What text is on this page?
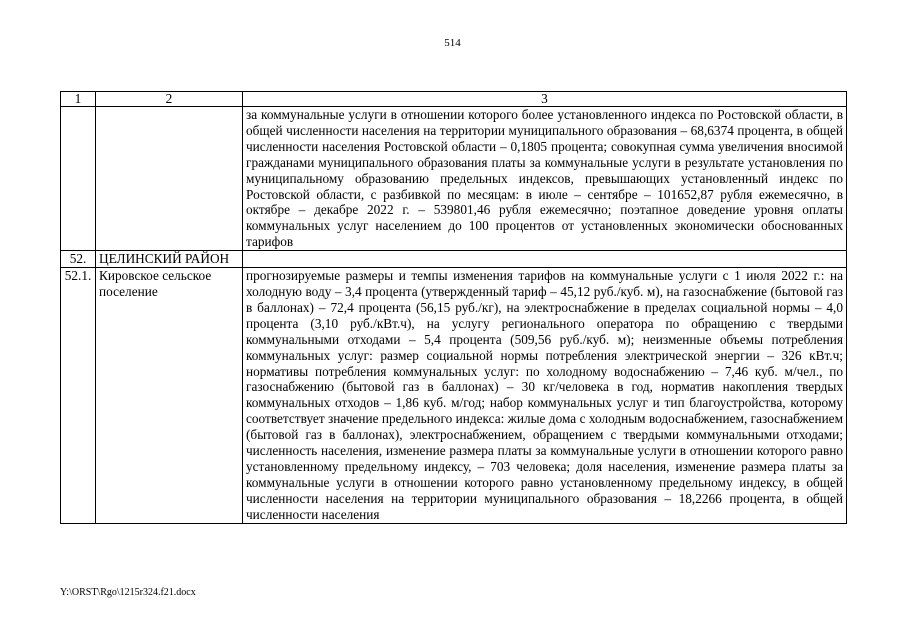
514
1	2	3
		за коммунальные услуги в отношении которого более установленного индекса по Ростовской области, в общей численности населения на территории муниципального образования – 68,6374 процента, в общей численности населения Ростовской области – 0,1805 процента; совокупная сумма увеличения вносимой гражданами муниципального образования платы за коммунальные услуги в результате установления по муниципальному образованию предельных индексов, превышающих установленный индекс по Ростовской области, с разбивкой по месяцам: в июле – сентябре – 101652,87 рубля ежемесячно, в октябре – декабре 2022 г. – 539801,46 рубля ежемесячно; поэтапное доведение уровня оплаты коммунальных услуг населением до 100 процентов от установленных экономически обоснованных тарифов
52.	ЦЕЛИНСКИЙ РАЙОН	
52.1.	Кировское сельское поселение	прогнозируемые размеры и темпы изменения тарифов на коммунальные услуги с 1 июля 2022 г.: на холодную воду – 3,4 процента (утвержденный тариф – 45,12 руб./куб. м), на газоснабжение (бытовой газ в баллонах) – 72,4 процента (56,15 руб./кг), на электроснабжение в пределах социальной нормы – 4,0 процента (3,10 руб./кВт.ч), на услугу регионального оператора по обращению с твердыми коммунальными отходами – 5,4 процента (509,56 руб./куб. м); неизменные объемы потребления коммунальных услуг: размер социальной нормы потребления электрической энергии – 326 кВт.ч; нормативы потребления коммунальных услуг: по холодному водоснабжению – 7,46 куб. м/чел., по газоснабжению (бытовой газ в баллонах) – 30 кг/человека в год, норматив накопления твердых коммунальных отходов – 1,86 куб. м/год; набор коммунальных услуг и тип благоустройства, которому соответствует значение предельного индекса: жилые дома с холодным водоснабжением, газоснабжением (бытовой газ в баллонах), электроснабжением, обращением с твердыми коммунальными отходами; численность населения, изменение размера платы за коммунальные услуги в отношении которого равно установленному предельному индексу, – 703 человека; доля населения, изменение размера платы за коммунальные услуги в отношении которого равно установленному предельному индексу, в общей численности населения на территории муниципального образования – 18,2266 процента, в общей численности населения
Y:\ORST\Rgo\1215r324.f21.docx
